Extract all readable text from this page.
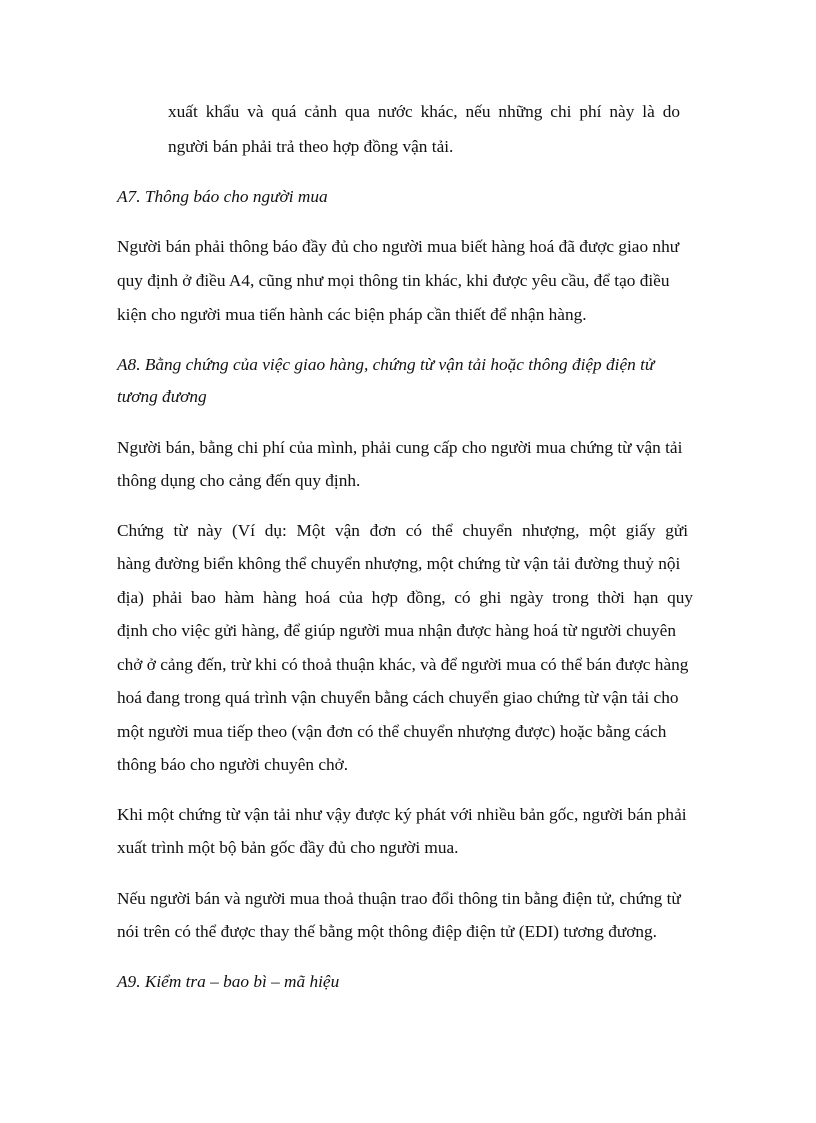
xuất khẩu và quá cảnh qua nước khác, nếu những chi phí này là do
người bán phải trả theo hợp đồng vận tải.
A7. Thông báo cho người mua
Người bán phải thông báo đầy đủ cho người mua biết hàng hoá đã được giao như
quy định ở điều A4, cũng như mọi thông tin khác, khi được yêu cầu, để tạo điều
kiện cho người mua tiến hành các biện pháp cần thiết để nhận hàng.
A8. Bằng chứng của việc giao hàng, chứng từ vận tải hoặc thông điệp điện tử
tương đương
Người bán, bằng chi phí của mình, phải cung cấp cho người mua chứng từ vận tải
thông dụng cho cảng đến quy định.
Chứng từ này (Ví dụ: Một vận đơn có thể chuyển nhượng, một giấy gửi
hàng đường biển không thể chuyển nhượng, một chứng từ vận tải đường thuỷ nội
địa) phải bao hàm hàng hoá của hợp đồng, có ghi ngày trong thời hạn quy
định cho việc gửi hàng, để giúp người mua nhận được hàng hoá từ người chuyên
chở ở cảng đến, trừ khi có thoả thuận khác, và để người mua có thể bán được hàng
hoá đang trong quá trình vận chuyển bằng cách chuyển giao chứng từ vận tải cho
một người mua tiếp theo (vận đơn có thể chuyển nhượng được) hoặc bằng cách
thông báo cho người chuyên chở.
Khi một chứng từ vận tải như vậy được ký phát với nhiều bản gốc, người bán phải
xuất trình một bộ bản gốc đầy đủ cho người mua.
Nếu người bán và người mua thoả thuận trao đổi thông tin bằng điện tử, chứng từ
nói trên có thể được thay thế bằng một thông điệp điện tử (EDI) tương đương.
A9. Kiểm tra – bao bì – mã hiệu
